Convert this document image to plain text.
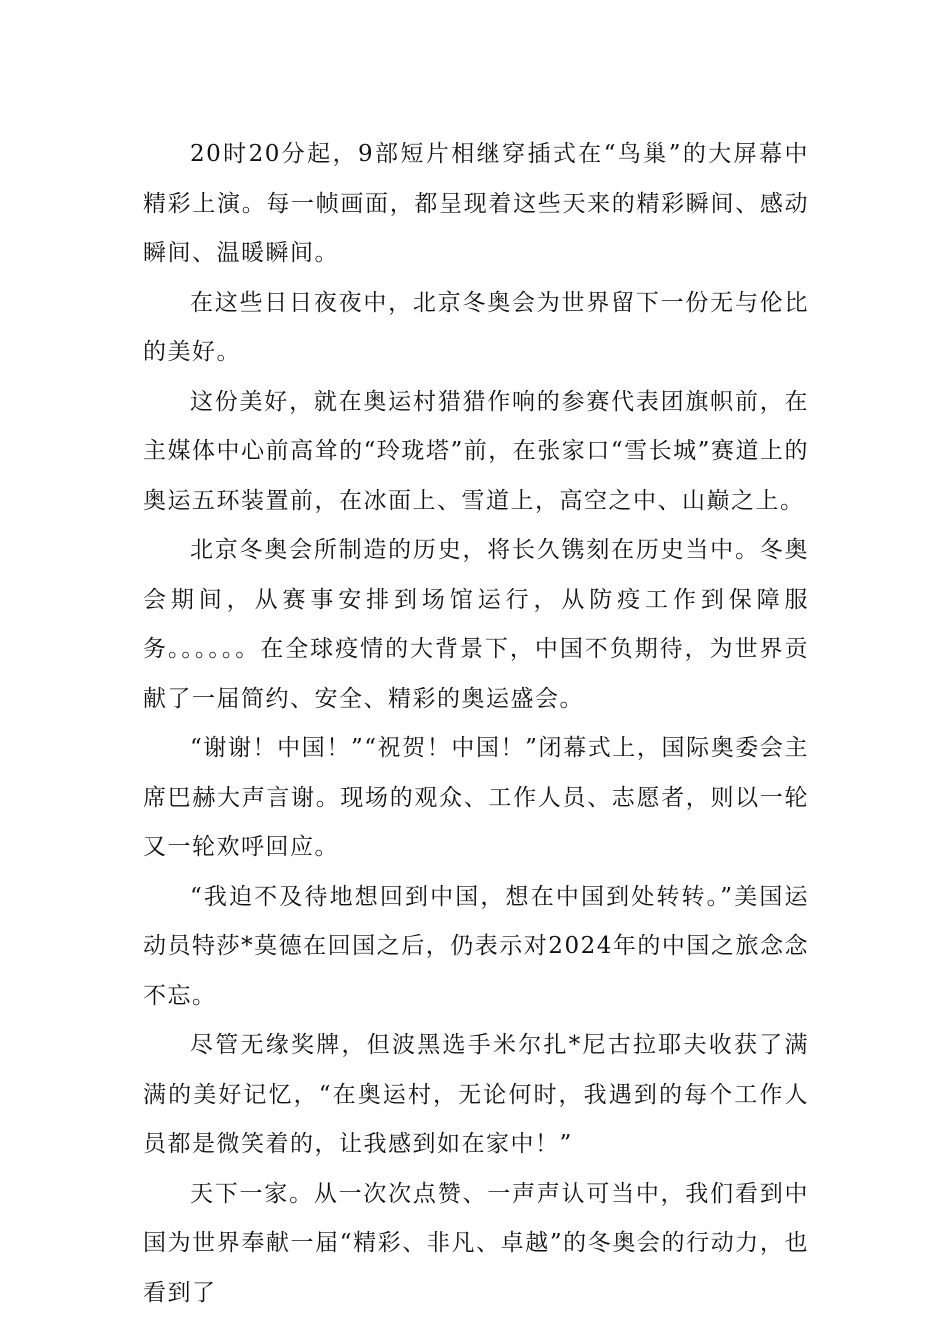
20时20分起，9部短片相继穿插式在“鸟巢”的大屏幕中精彩上演。每一帧画面，都呈现着这些天来的精彩瞬间、感动瞬间、温暖瞬间。

在这些日日夜夜中，北京冬奥会为世界留下一份无与伦比的美好。

这份美好，就在奥运村猎猎作响的参赛代表团旗帜前，在主媒体中心前高耸的“玲珑塔”前，在张家口“雪长城”赛道上的奥运五环装置前，在冰面上、雪道上，高空之中、山巅之上。

北京冬奥会所制造的历史，将长久镌刻在历史当中。冬奥会期间，从赛事安排到场馆运行，从防疫工作到保障服务。。。。。。在全球疫情的大背景下，中国不负期待，为世界贡献了一届简约、安全、精彩的奥运盛会。

“谢谢！中国！”“祝贺！中国！”闭幕式上，国际奥委会主席巴赫大声言谢。现场的观众、工作人员、志愿者，则以一轮又一轮欢呼回应。

“我迫不及待地想回到中国，想在中国到处转转。”美国运动员特莎*莫德在回国之后，仍表示对2024年的中国之旅念念不忘。

尽管无缘奖牌，但波黑选手米尔扎*尼古拉耶夫收获了满满的美好记忆，“在奥运村，无论何时，我遇到的每个工作人员都是微笑着的，让我感到如在家中！”

天下一家。从一次次点赞、一声声认可当中，我们看到中国为世界奉献一届“精彩、非凡、卓越”的冬奥会的行动力，也看到了
